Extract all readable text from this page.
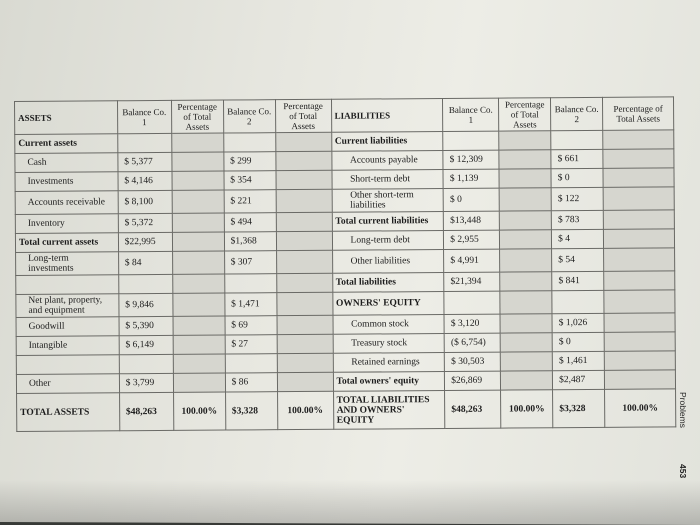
ASSETS	Balance Co. 1	Percentage of Total Assets	Balance Co. 2	Percentage of Total Assets	LIABILITIES	Balance Co. 1	Percentage of Total Assets	Balance Co. 2	Percentage of Total Assets
Current assets					Current liabilities				
Cash	$ 5,377		$ 299		Accounts payable	$ 12,309		$ 661	
Investments	$ 4,146		$ 354		Short-term debt	$ 1,139		$ 0	
Accounts receivable	$ 8,100		$ 221		Other short-term liabilities	$ 0		$ 122	
Inventory	$ 5,372		$ 494		Total current liabilities	$13,448		$ 783	
Total current assets	$22,995		$1,368		Long-term debt	$ 2,955		$ 4	
Long-term investments	$ 84		$ 307		Other liabilities	$ 4,991		$ 54	
					Total liabilities	$21,394		$ 841	
Net plant, property, and equipment	$ 9,846		$ 1,471		OWNERS' EQUITY				
Goodwill	$ 5,390		$ 69		Common stock	$ 3,120		$ 1,026	
Intangible	$ 6,149		$ 27		Treasury stock	($ 6,754)		$ 0	
					Retained earnings	$ 30,503		$ 1,461	
Other	$ 3,799		$ 86		Total owners' equity	$26,869		$2,487	
TOTAL ASSETS	$48,263	100.00%	$3,328	100.00%	TOTAL LIABILITIES AND OWNERS' EQUITY	$48,263	100.00%	$3,328	100.00% Problems
453
